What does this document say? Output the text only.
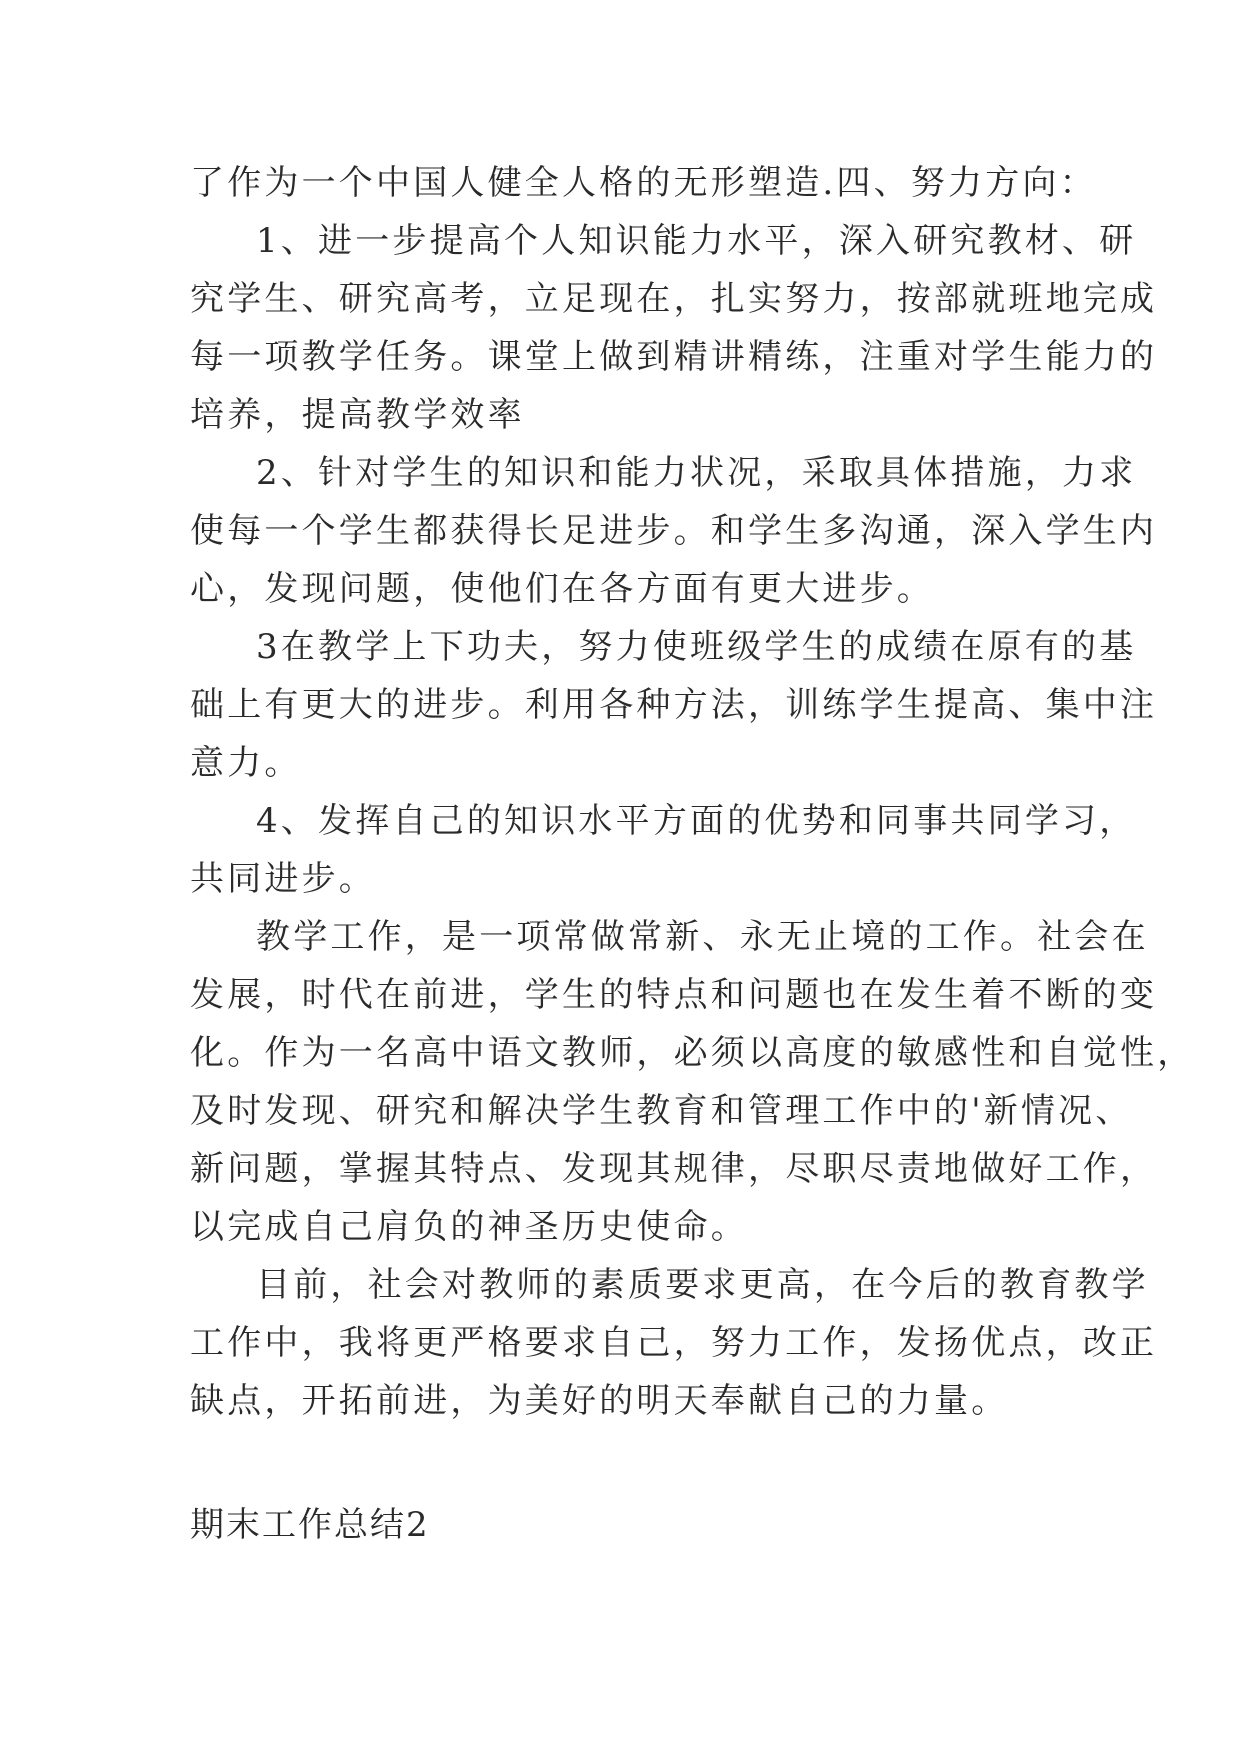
了作为一个中国人健全人格的无形塑造.四、努力方向：
1、进一步提高个人知识能力水平，深入研究教材、研
究学生、研究高考，立足现在，扎实努力，按部就班地完成
每一项教学任务。课堂上做到精讲精练，注重对学生能力的
培养，提高教学效率
2、针对学生的知识和能力状况，采取具体措施，力求
使每一个学生都获得长足进步。和学生多沟通，深入学生内
心，发现问题，使他们在各方面有更大进步。
3在教学上下功夫，努力使班级学生的成绩在原有的基
础上有更大的进步。利用各种方法，训练学生提高、集中注
意力。
4、发挥自己的知识水平方面的优势和同事共同学习，
共同进步。
教学工作，是一项常做常新、永无止境的工作。社会在
发展，时代在前进，学生的特点和问题也在发生着不断的变
化。作为一名高中语文教师，必须以高度的敏感性和自觉性，
及时发现、研究和解决学生教育和管理工作中的'新情况、
新问题，掌握其特点、发现其规律，尽职尽责地做好工作，
以完成自己肩负的神圣历史使命。
目前，社会对教师的素质要求更高，在今后的教育教学
工作中，我将更严格要求自己，努力工作，发扬优点，改正
缺点，开拓前进，为美好的明天奉献自己的力量。
期末工作总结2
